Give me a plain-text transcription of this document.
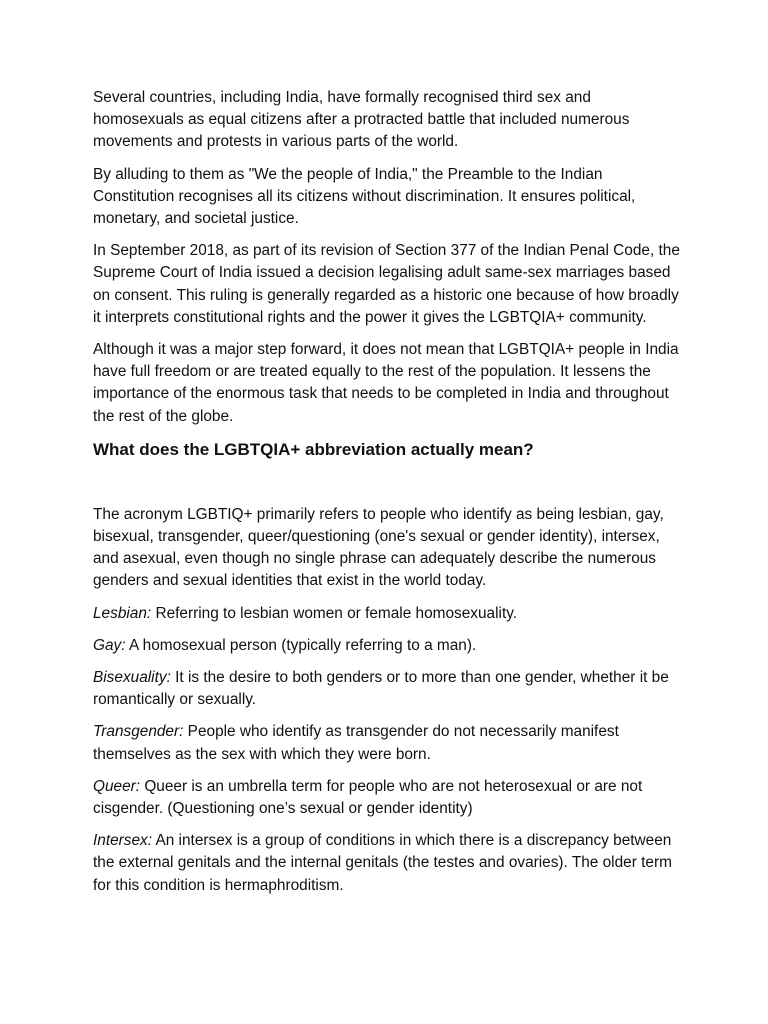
Several countries, including India, have formally recognised third sex and homosexuals as equal citizens after a protracted battle that included numerous movements and protests in various parts of the world.

By alluding to them as "We the people of India," the Preamble to the Indian Constitution recognises all its citizens without discrimination. It ensures political, monetary, and societal justice.

In September 2018, as part of its revision of Section 377 of the Indian Penal Code, the Supreme Court of India issued a decision legalising adult same-sex marriages based on consent. This ruling is generally regarded as a historic one because of how broadly it interprets constitutional rights and the power it gives the LGBTQIA+ community.

Although it was a major step forward, it does not mean that LGBTQIA+ people in India have full freedom or are treated equally to the rest of the population. It lessens the importance of the enormous task that needs to be completed in India and throughout the rest of the globe.

What does the LGBTQIA+ abbreviation actually mean?

The acronym LGBTIQ+ primarily refers to people who identify as being lesbian, gay, bisexual, transgender, queer/questioning (one's sexual or gender identity), intersex, and asexual, even though no single phrase can adequately describe the numerous genders and sexual identities that exist in the world today.

Lesbian: Referring to lesbian women or female homosexuality.

Gay: A homosexual person (typically referring to a man).

Bisexuality: It is the desire to both genders or to more than one gender, whether it be romantically or sexually.

Transgender: People who identify as transgender do not necessarily manifest themselves as the sex with which they were born.

Queer: Queer is an umbrella term for people who are not heterosexual or are not cisgender. (Questioning one’s sexual or gender identity)

Intersex: An intersex is a group of conditions in which there is a discrepancy between the external genitals and the internal genitals (the testes and ovaries). The older term for this condition is hermaphroditism.
